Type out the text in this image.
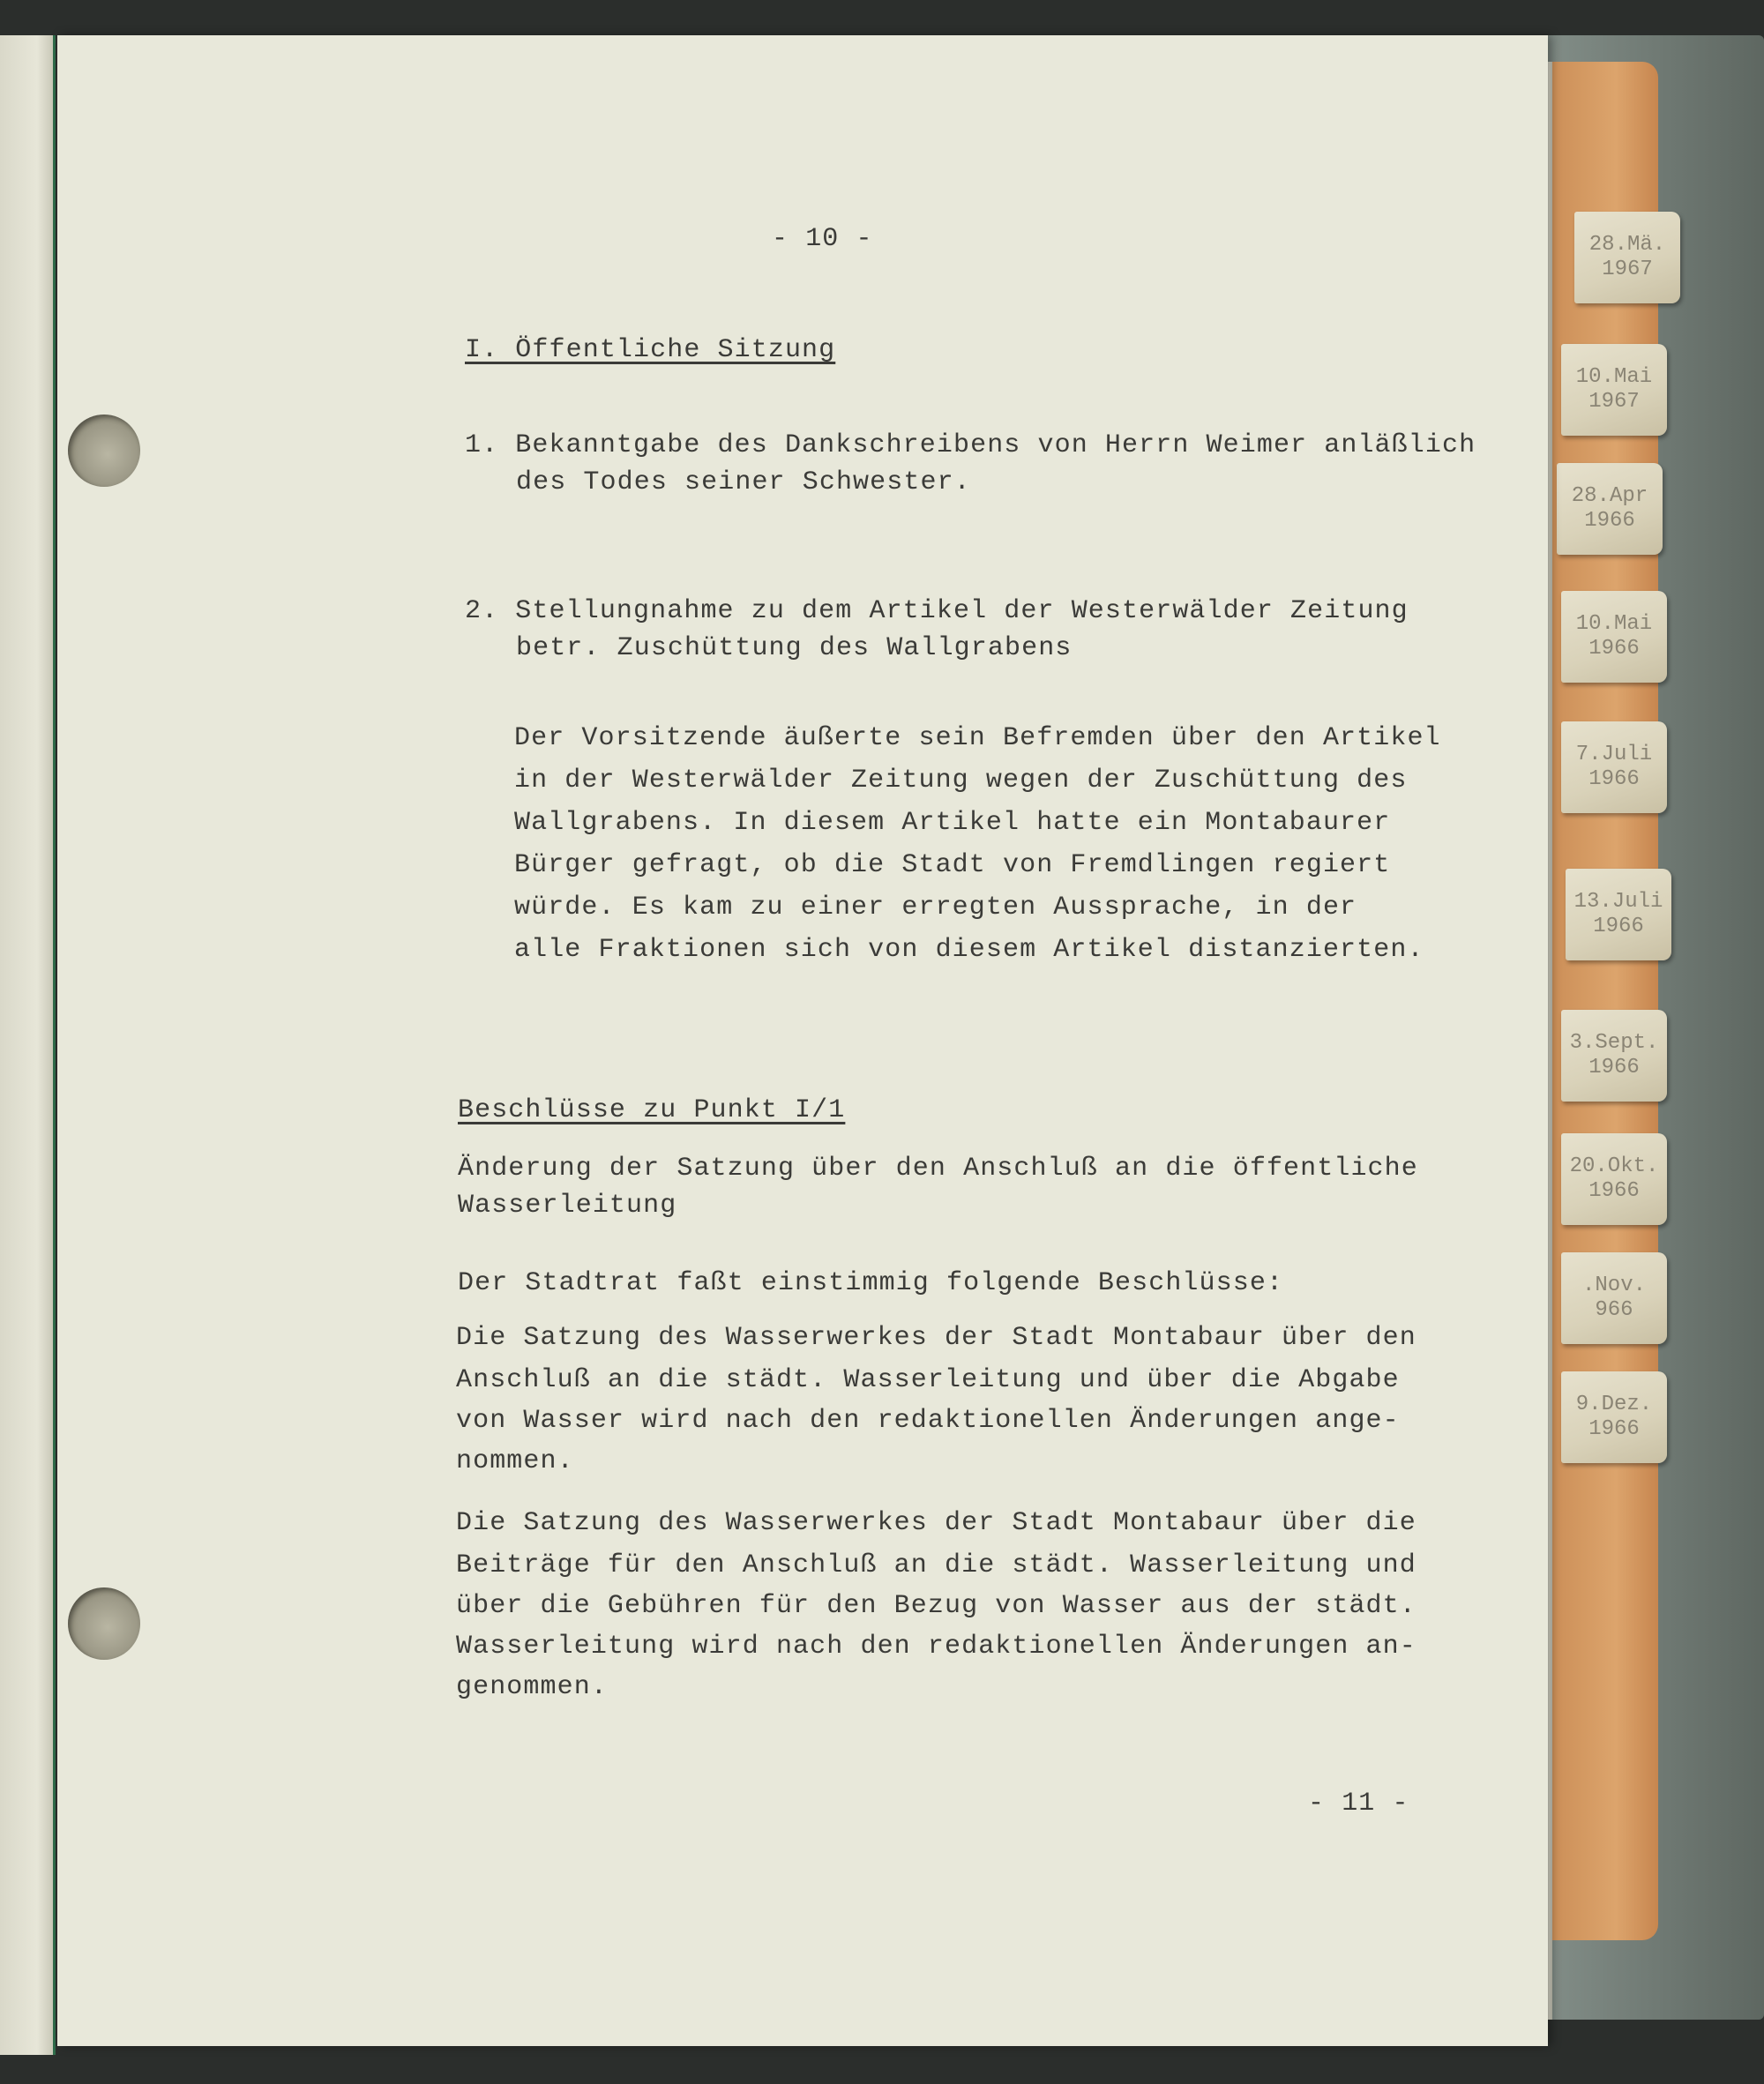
28.Mä.
1967
10.Mai
1967
28.Apr
1966
10.Mai
1966
7.Juli
1966
13.Juli
1966
3.Sept.
1966
20.Okt.
1966
.Nov.
966
9.Dez.
1966

- 10 -

I. Öffentliche Sitzung

1. Bekanntgabe des Dankschreibens von Herrn Weimer anläßlich

des Todes seiner Schwester.

2. Stellungnahme zu dem Artikel der Westerwälder Zeitung

betr. Zuschüttung des Wallgrabens

Der Vorsitzende äußerte sein Befremden über den Artikel

in der Westerwälder Zeitung wegen der Zuschüttung des

Wallgrabens. In diesem Artikel hatte ein Montabaurer

Bürger gefragt, ob die Stadt von Fremdlingen regiert

würde. Es kam zu einer erregten Aussprache, in der

alle Fraktionen sich von diesem Artikel distanzierten.

Beschlüsse zu Punkt I/1

Änderung der Satzung über den Anschluß an die öffentliche

Wasserleitung

Der Stadtrat faßt einstimmig folgende Beschlüsse:

Die Satzung des Wasserwerkes der Stadt Montabaur über den

Anschluß an die städt. Wasserleitung und über die Abgabe

von Wasser wird nach den redaktionellen Änderungen ange-

nommen.

Die Satzung des Wasserwerkes der Stadt Montabaur über die

Beiträge für den Anschluß an die städt. Wasserleitung und

über die Gebühren für den Bezug von Wasser aus der städt.

Wasserleitung wird nach den redaktionellen Änderungen an-

genommen.

- 11 -
